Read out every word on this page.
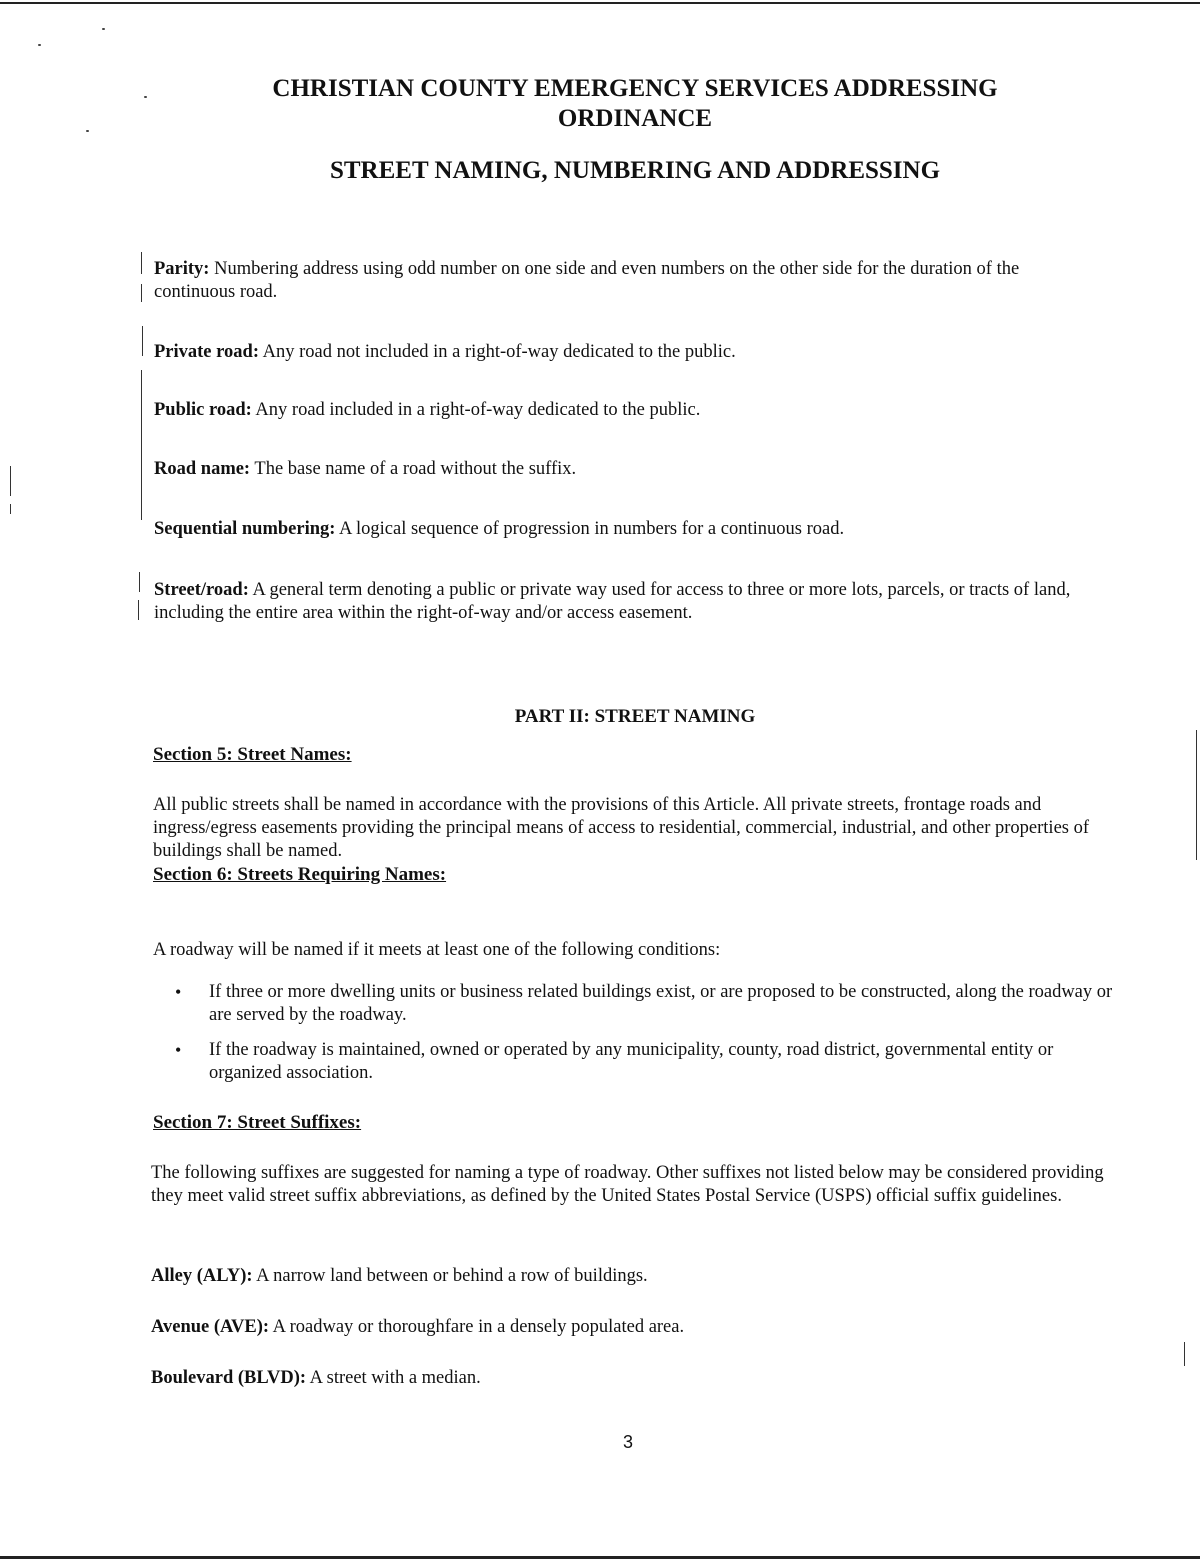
CHRISTIAN COUNTY EMERGENCY SERVICES ADDRESSING
ORDINANCE
STREET NAMING, NUMBERING AND ADDRESSING
Parity: Numbering address using odd number on one side and even numbers on the other side for the duration of the continuous road.
Private road: Any road not included in a right-of-way dedicated to the public.
Public road: Any road included in a right-of-way dedicated to the public.
Road name: The base name of a road without the suffix.
Sequential numbering: A logical sequence of progression in numbers for a continuous road.
Street/road: A general term denoting a public or private way used for access to three or more lots, parcels, or tracts of land, including the entire area within the right-of-way and/or access easement.
PART II: STREET NAMING
Section 5: Street Names:
All public streets shall be named in accordance with the provisions of this Article. All private streets, frontage roads and ingress/egress easements providing the principal means of access to residential, commercial, industrial, and other properties of buildings shall be named.
Section 6: Streets Requiring Names:
A roadway will be named if it meets at least one of the following conditions:
• If three or more dwelling units or business related buildings exist, or are proposed to be constructed, along the roadway or are served by the roadway.
• If the roadway is maintained, owned or operated by any municipality, county, road district, governmental entity or organized association.
Section 7: Street Suffixes:
The following suffixes are suggested for naming a type of roadway. Other suffixes not listed below may be considered providing they meet valid street suffix abbreviations, as defined by the United States Postal Service (USPS) official suffix guidelines.
Alley (ALY): A narrow land between or behind a row of buildings.
Avenue (AVE): A roadway or thoroughfare in a densely populated area.
Boulevard (BLVD): A street with a median.
3
